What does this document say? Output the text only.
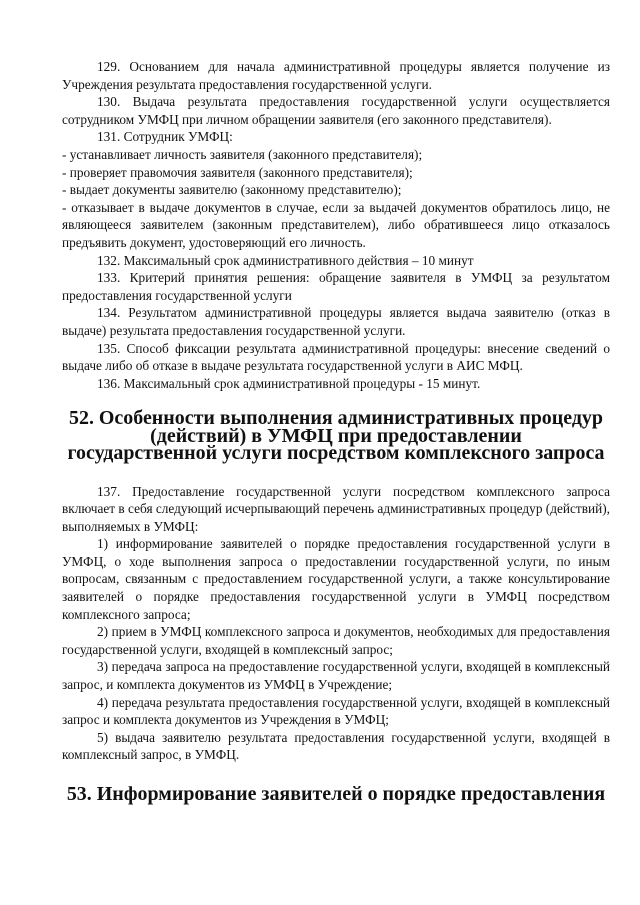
129. Основанием для начала административной процедуры является получение из Учреждения результата предоставления государственной услуги.

130. Выдача результата предоставления государственной услуги осуществляется сотрудником УМФЦ при личном обращении заявителя (его законного представителя).

131. Сотрудник УМФЦ:

- устанавливает личность заявителя (законного представителя);

- проверяет правомочия заявителя (законного представителя);

- выдает документы заявителю (законному представителю);

- отказывает в выдаче документов в случае, если за выдачей документов обратилось лицо, не являющееся заявителем (законным представителем), либо обратившееся лицо отказалось предъявить документ, удостоверяющий его личность.

132. Максимальный срок административного действия – 10 минут

133. Критерий принятия решения: обращение заявителя в УМФЦ за результатом предоставления государственной услуги

134. Результатом административной процедуры является выдача заявителю (отказ в выдаче) результата предоставления государственной услуги.

135. Способ фиксации результата административной процедуры: внесение сведений о выдаче либо об отказе в выдаче результата государственной услуги в АИС МФЦ.

136. Максимальный срок административной процедуры - 15 минут.

52. Особенности выполнения административных процедур
(действий) в УМФЦ при предоставлении
государственной услуги посредством комплексного запроса

137. Предоставление государственной услуги посредством комплексного запроса включает в себя следующий исчерпывающий перечень административных процедур (действий), выполняемых в УМФЦ:

1) информирование заявителей о порядке предоставления государственной услуги в УМФЦ, о ходе выполнения запроса о предоставлении государственной услуги, по иным вопросам, связанным с предоставлением государственной услуги, а также консультирование заявителей о порядке предоставления государственной услуги в УМФЦ посредством комплексного запроса;

2) прием в УМФЦ комплексного запроса и документов, необходимых для предоставления государственной услуги, входящей в комплексный запрос;

3) передача запроса на предоставление государственной услуги, входящей в комплексный запрос, и комплекта документов из УМФЦ в Учреждение;

4) передача результата предоставления государственной услуги, входящей в комплексный запрос и комплекта документов из Учреждения в УМФЦ;

5) выдача заявителю результата предоставления государственной услуги, входящей в комплексный запрос, в УМФЦ.

53. Информирование заявителей о порядке предоставления
